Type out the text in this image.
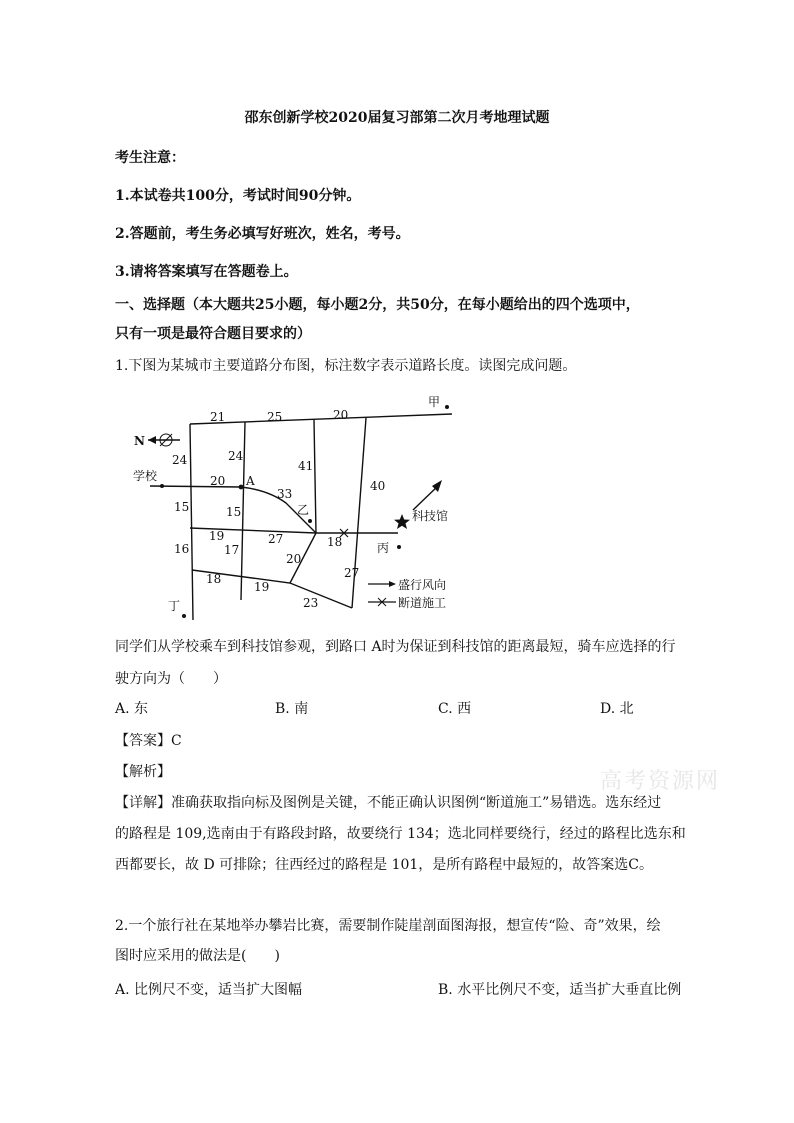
邵东创新学校2020届复习部第二次月考地理试题
考生注意：
1.本试卷共100分，考试时间90分钟。
2.答题前，考生务必填写好班次，姓名，考号。
3.请将答案填写在答题卷上。
一、选择题（本大题共25小题，每小题2分，共50分，在每小题给出的四个选项中，
只有一项是最符合题目要求的）
1.下图为某城市主要道路分布图，标注数字表示道路长度。读图完成问题。
N
甲
学校	A
乙	科技馆
丙
丁
21	25	20
24	24
41
40
20
33
15	15
19
17
27	18
16
20
18
19
27
23
盛行风向
断道施工
同学们从学校乘车到科技馆参观，到路口 A时为保证到科技馆的距离最短，骑车应选择的行
驶方向为（　　）
A. 东	B. 南	C. 西	D. 北
【答案】C
【解析】
【详解】准确获取指向标及图例是关键，不能正确认识图例“断道施工”易错选。选东经过
的路程是 109,选南由于有路段封路，故要绕行 134；选北同样要绕行，经过的路程比选东和
西都要长，故 D 可排除；往西经过的路程是 101，是所有路程中最短的，故答案选C。
2.一个旅行社在某地举办攀岩比赛，需要制作陡崖剖面图海报，想宣传“险、奇”效果，绘
图时应采用的做法是(　　)
A. 比例尺不变，适当扩大图幅	B. 水平比例尺不变，适当扩大垂直比例
高考资源网
